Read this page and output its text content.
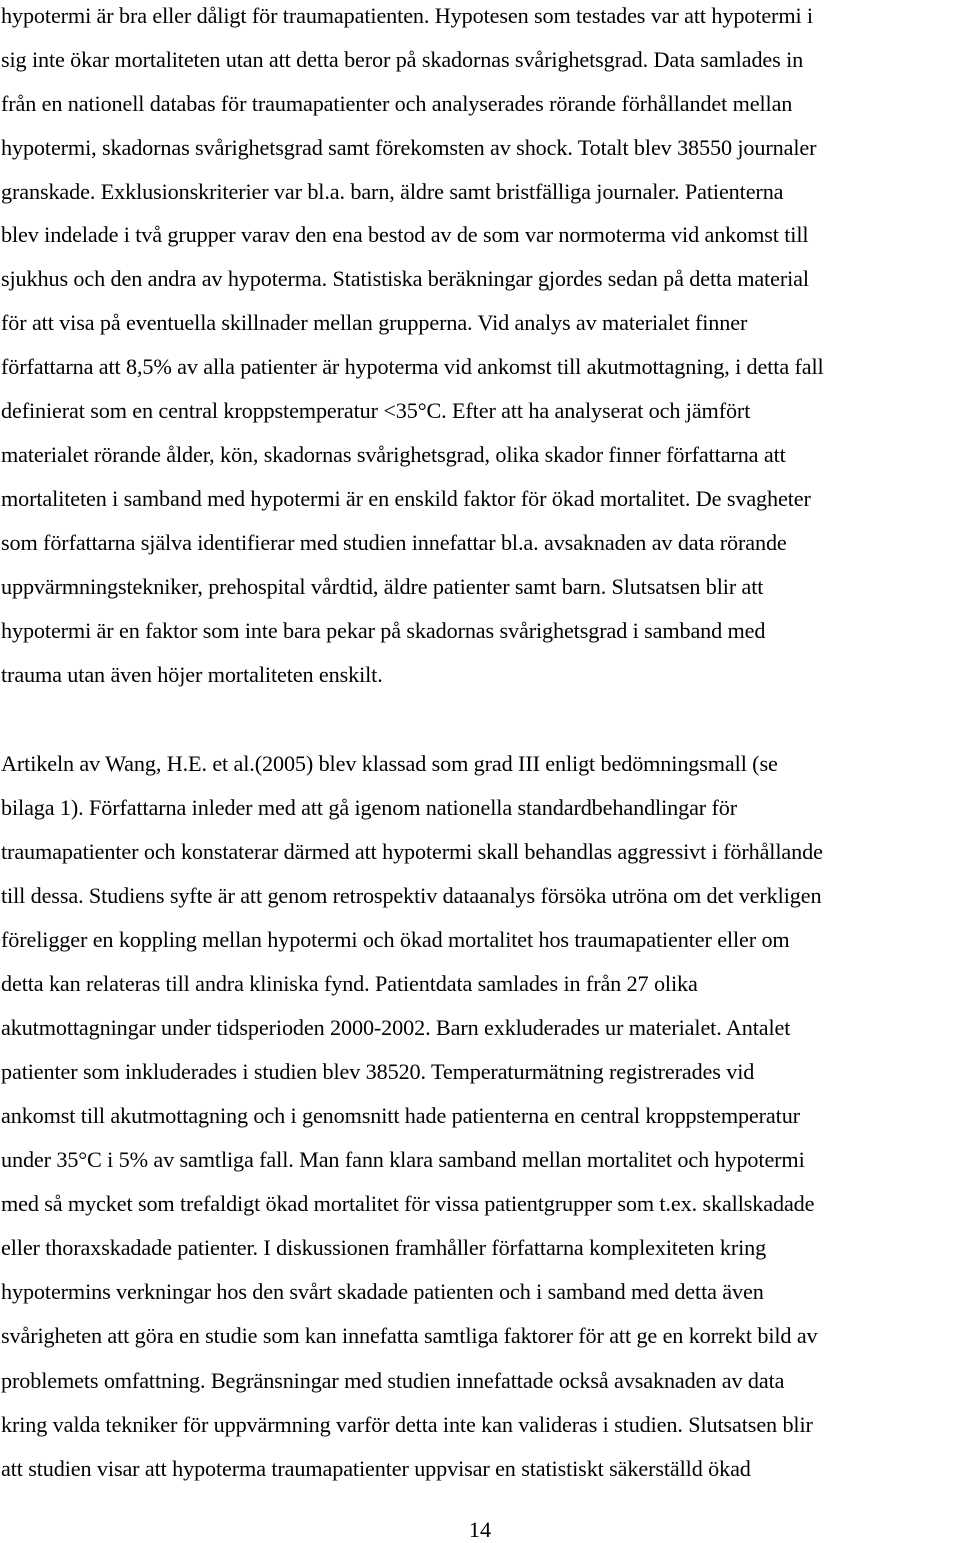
hypotermi är bra eller dåligt för traumapatienten. Hypotesen som testades var att hypotermi i
sig inte ökar mortaliteten utan att detta beror på skadornas svårighetsgrad. Data samlades in
från en nationell databas för traumapatienter och analyserades rörande förhållandet mellan
hypotermi, skadornas svårighetsgrad samt förekomsten av shock. Totalt blev 38550 journaler
granskade. Exklusionskriterier var bl.a. barn, äldre samt bristfälliga journaler. Patienterna
blev indelade i två grupper varav den ena bestod av de som var normoterma vid ankomst till
sjukhus och den andra av hypoterma. Statistiska beräkningar gjordes sedan på detta material
för att visa på eventuella skillnader mellan grupperna. Vid analys av materialet finner
författarna att 8,5% av alla patienter är hypoterma vid ankomst till akutmottagning, i detta fall
definierat som en central kroppstemperatur <35°C. Efter att ha analyserat och jämfört
materialet rörande ålder, kön, skadornas svårighetsgrad, olika skador finner författarna att
mortaliteten i samband med hypotermi är en enskild faktor för ökad mortalitet. De svagheter
som författarna själva identifierar med studien innefattar bl.a. avsaknaden av data rörande
uppvärmningstekniker, prehospital vårdtid, äldre patienter samt barn. Slutsatsen blir att
hypotermi är en faktor som inte bara pekar på skadornas svårighetsgrad i samband med
trauma utan även höjer mortaliteten enskilt.
Artikeln av Wang, H.E. et al.(2005) blev klassad som grad III enligt bedömningsmall (se
bilaga 1). Författarna inleder med att gå igenom nationella standardbehandlingar för
traumapatienter och konstaterar därmed att hypotermi skall behandlas aggressivt i förhållande
till dessa. Studiens syfte är att genom retrospektiv dataanalys försöka utröna om det verkligen
föreligger en koppling mellan hypotermi och ökad mortalitet hos traumapatienter eller om
detta kan relateras till andra kliniska fynd. Patientdata samlades in från 27 olika
akutmottagningar under tidsperioden 2000-2002. Barn exkluderades ur materialet. Antalet
patienter som inkluderades i studien blev 38520. Temperaturmätning registrerades vid
ankomst till akutmottagning och i genomsnitt hade patienterna en central kroppstemperatur
under 35°C i 5% av samtliga fall. Man fann klara samband mellan mortalitet och hypotermi
med så mycket som trefaldigt ökad mortalitet för vissa patientgrupper som t.ex. skallskadade
eller thoraxskadade patienter. I diskussionen framhåller författarna komplexiteten kring
hypotermins verkningar hos den svårt skadade patienten och i samband med detta även
svårigheten att göra en studie som kan innefatta samtliga faktorer för att ge en korrekt bild av
problemets omfattning. Begränsningar med studien innefattade också avsaknaden av data
kring valda tekniker för uppvärmning varför detta inte kan valideras i studien. Slutsatsen blir
att studien visar att hypoterma traumapatienter uppvisar en statistiskt säkerställd ökad
14
